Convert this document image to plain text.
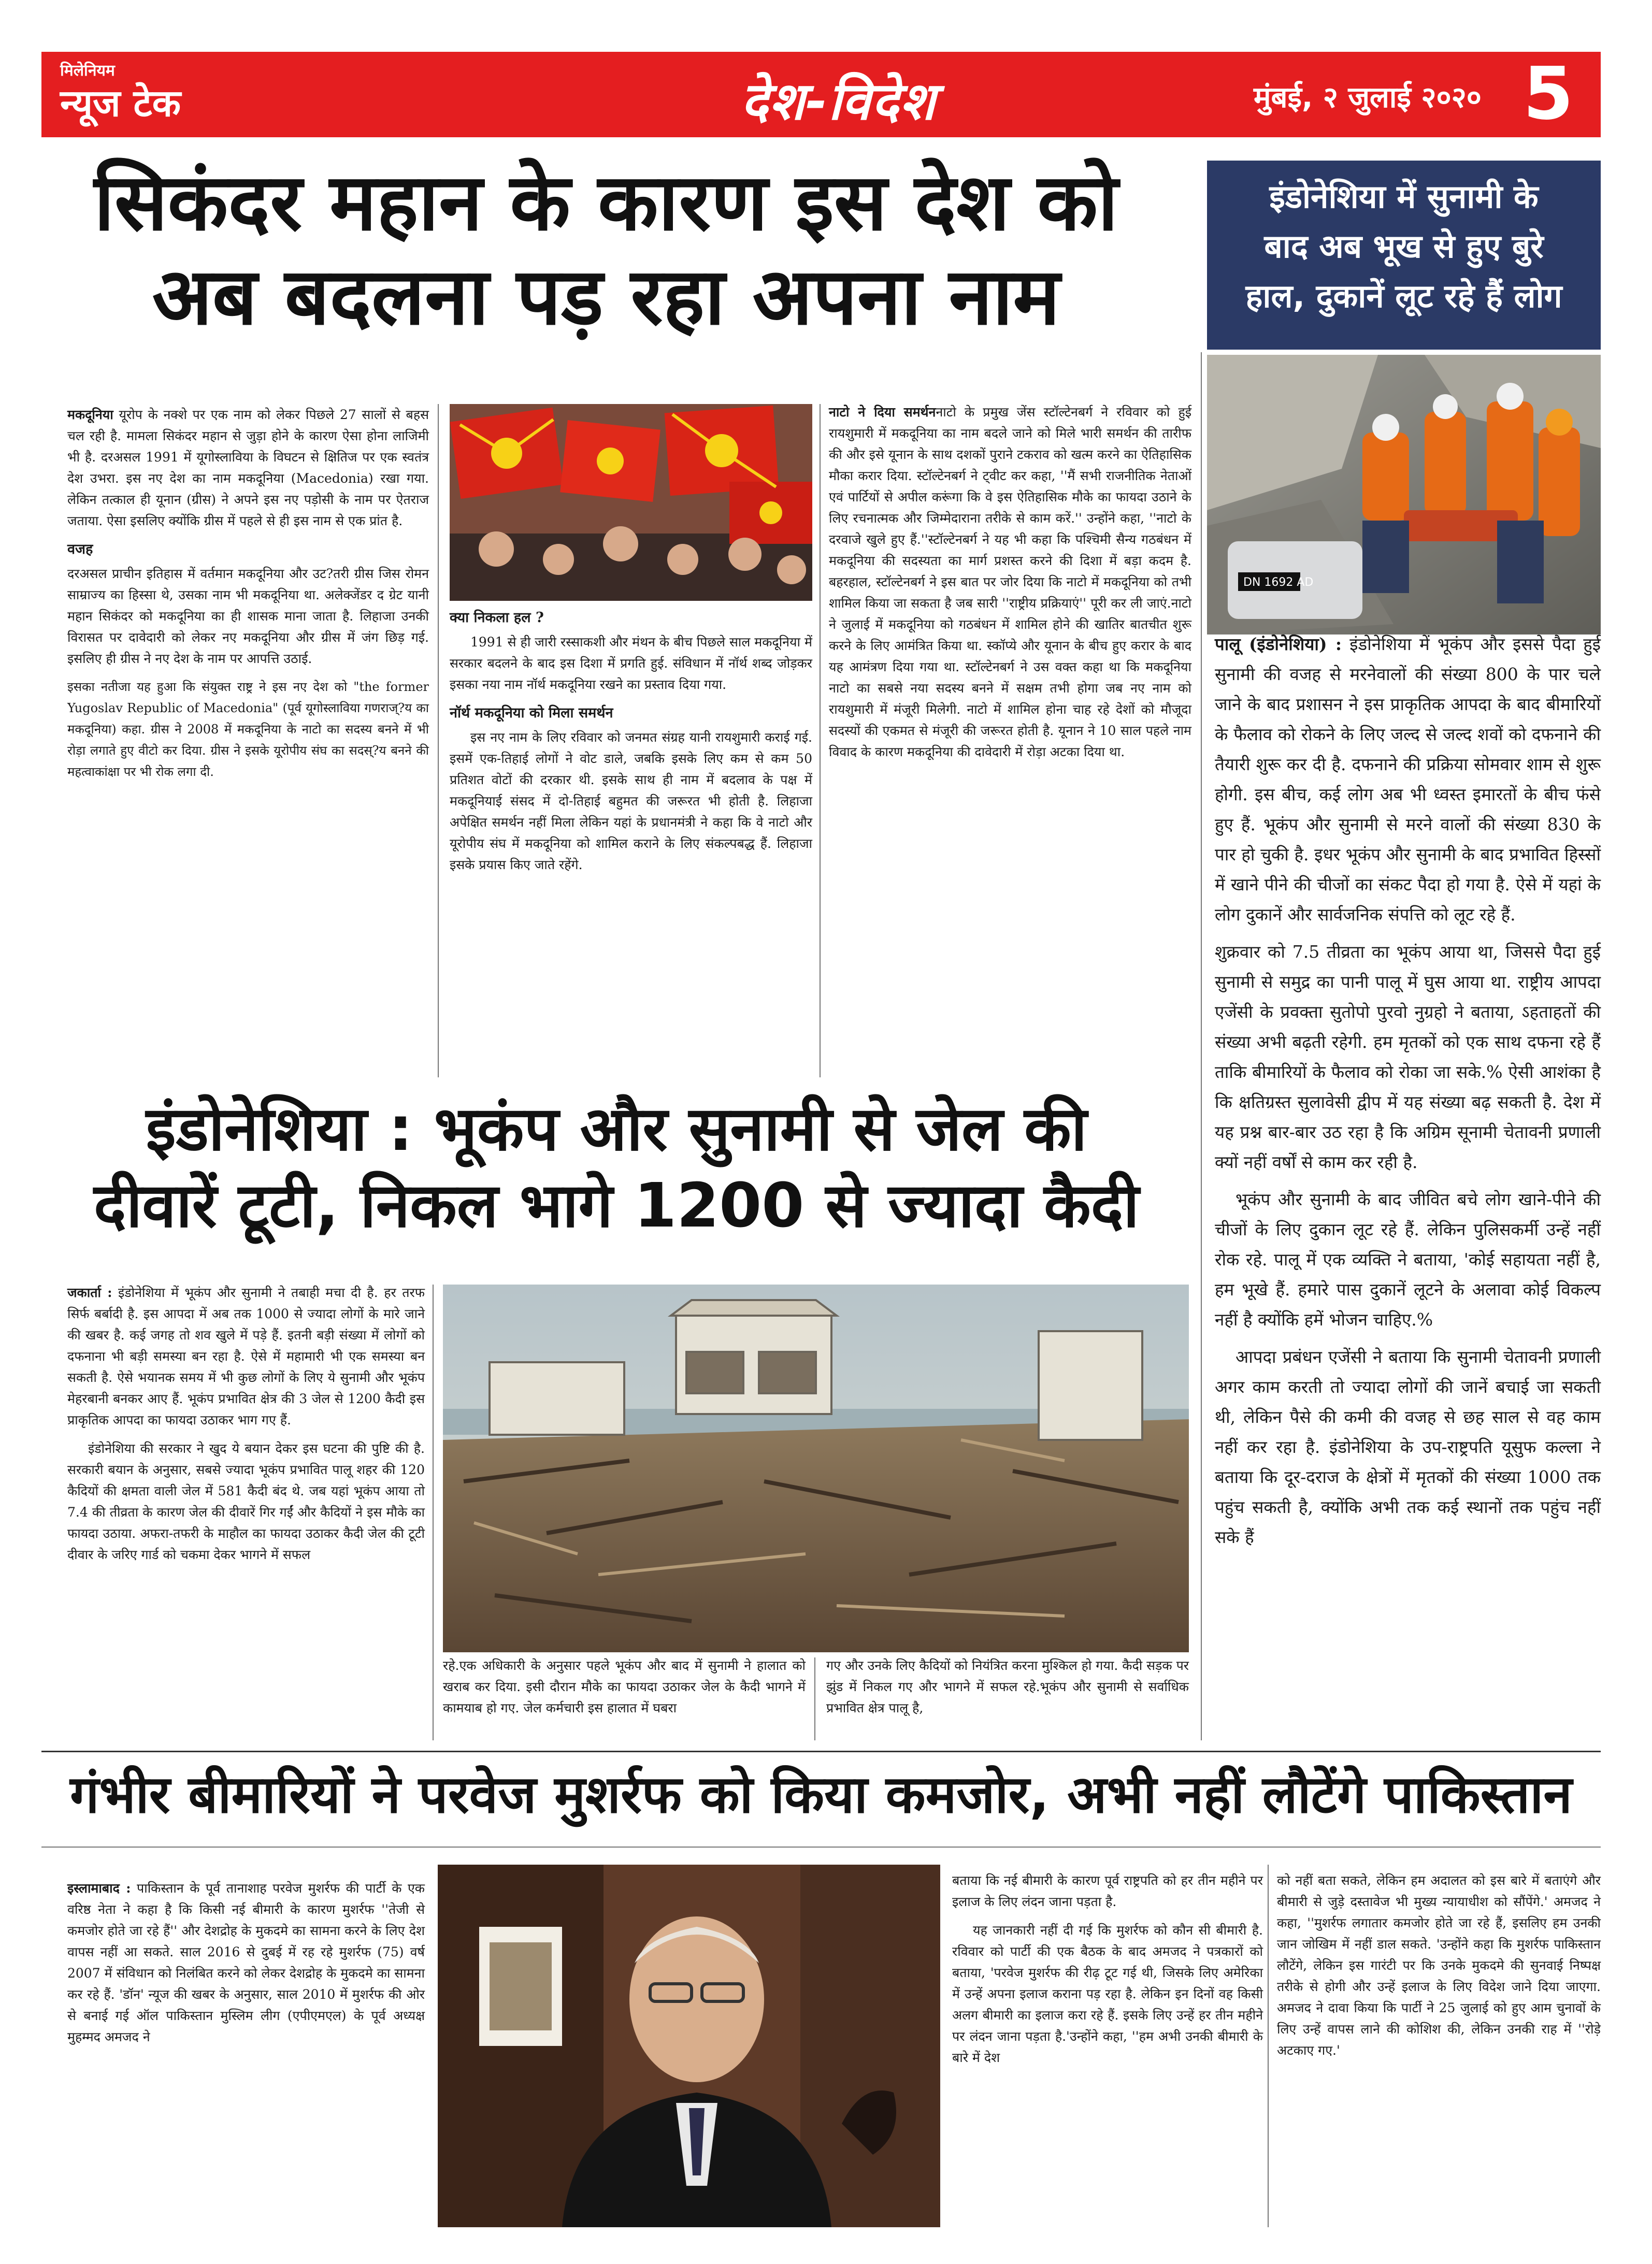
मिलेनियम
न्यूज टेक	देश-विदेश	मुंबई, २ जुलाई २०२० 5
सिकंदर महान के कारण इस देश को
अब बदलना पड़ रहा अपना नाम
इंडोनेशिया में सुनामी के
बाद अब भूख से हुए बुरे
हाल, दुकानें लूट रहे हैं लोग
DN 1692 AD

मकदूनिया यूरोप के नक्शे पर एक नाम को लेकर पिछले 27 सालों से बहस चल रही है. मामला सिकंदर महान से जुड़ा होने के कारण ऐसा होना लाजिमी भी है. दरअसल 1991 में यूगोस्लाविया के विघटन से क्षितिज पर एक स्वतंत्र देश उभरा. इस नए देश का नाम मकदूनिया (Macedonia) रखा गया. लेकिन तत्काल ही यूनान (ग्रीस) ने अपने इस नए पड़ोसी के नाम पर ऐतराज जताया. ऐसा इसलिए क्योंकि ग्रीस में पहले से ही इस नाम से एक प्रांत है.

वजह

दरअसल प्राचीन इतिहास में वर्तमान मकदूनिया और उट?तरी ग्रीस जिस रोमन साम्राज्य का हिस्सा थे, उसका नाम भी मकदूनिया था. अलेक्जेंडर द ग्रेट यानी महान सिकंदर को मकदूनिया का ही शासक माना जाता है. लिहाजा उनकी विरासत पर दावेदारी को लेकर नए मकदूनिया और ग्रीस में जंग छिड़ गई. इसलिए ही ग्रीस ने नए देश के नाम पर आपत्ति उठाई.

इसका नतीजा यह हुआ कि संयुक्त राष्ट्र ने इस नए देश को "the former Yugoslav Republic of Macedonia" (पूर्व यूगोस्लाविया गणराज्?य का मकदूनिया) कहा. ग्रीस ने 2008 में मकदूनिया के नाटो का सदस्य बनने में भी रोड़ा लगाते हुए वीटो कर दिया. ग्रीस ने इसके यूरोपीय संघ का सदस्?य बनने की महत्वाकांक्षा पर भी रोक लगा दी.

क्या निकला हल ?

1991 से ही जारी रस्साकशी और मंथन के बीच पिछले साल मकदूनिया में सरकार बदलने के बाद इस दिशा में प्रगति हुई. संविधान में नॉर्थ शब्द जोड़कर इसका नया नाम नॉर्थ मकदूनिया रखने का प्रस्ताव दिया गया.

नॉर्थ मकदूनिया को मिला समर्थन

इस नए नाम के लिए रविवार को जनमत संग्रह यानी रायशुमारी कराई गई. इसमें एक-तिहाई लोगों ने वोट डाले, जबकि इसके लिए कम से कम 50 प्रतिशत वोटों की दरकार थी. इसके साथ ही नाम में बदलाव के पक्ष में मकदूनियाई संसद में दो-तिहाई बहुमत की जरूरत भी होती है. लिहाजा अपेक्षित समर्थन नहीं मिला लेकिन यहां के प्रधानमंत्री ने कहा कि वे नाटो और यूरोपीय संघ में मकदूनिया को शामिल कराने के लिए संकल्पबद्ध हैं. लिहाजा इसके प्रयास किए जाते रहेंगे.

नाटो ने दिया समर्थननाटो के प्रमुख जेंस स्टॉल्टेनबर्ग ने रविवार को हुई रायशुमारी में मकदूनिया का नाम बदले जाने को मिले भारी समर्थन की तारीफ की और इसे यूनान के साथ दशकों पुराने टकराव को खत्म करने का ऐतिहासिक मौका करार दिया. स्टॉल्टेनबर्ग ने ट्वीट कर कहा, ''मैं सभी राजनीतिक नेताओं एवं पार्टियों से अपील करूंगा कि वे इस ऐतिहासिक मौके का फायदा उठाने के लिए रचनात्मक और जिम्मेदाराना तरीके से काम करें.'' उन्होंने कहा, ''नाटो के दरवाजे खुले हुए हैं.''स्टॉल्टेनबर्ग ने यह भी कहा कि पश्चिमी सैन्य गठबंधन में मकदूनिया की सदस्यता का मार्ग प्रशस्त करने की दिशा में बड़ा कदम है. बहरहाल, स्टॉल्टेनबर्ग ने इस बात पर जोर दिया कि नाटो में मकदूनिया को तभी शामिल किया जा सकता है जब सारी ''राष्ट्रीय प्रक्रियाएं'' पूरी कर ली जाएं.नाटो ने जुलाई में मकदूनिया को गठबंधन में शामिल होने की खातिर बातचीत शुरू करने के लिए आमंत्रित किया था. स्कॉप्ये और यूनान के बीच हुए करार के बाद यह आमंत्रण दिया गया था. स्टॉल्टेनबर्ग ने उस वक्त कहा था कि मकदूनिया नाटो का सबसे नया सदस्य बनने में सक्षम तभी होगा जब नए नाम को रायशुमारी में मंजूरी मिलेगी. नाटो में शामिल होना चाह रहे देशों को मौजूदा सदस्यों की एकमत से मंजूरी की जरूरत होती है. यूनान ने 10 साल पहले नाम विवाद के कारण मकदूनिया की दावेदारी में रोड़ा अटका दिया था.

पालू (इंडोनेशिया) : इंडोनेशिया में भूकंप और इससे पैदा हुई सुनामी की वजह से मरनेवालों की संख्या 800 के पार चले जाने के बाद प्रशासन ने इस प्राकृतिक आपदा के बाद बीमारियों के फैलाव को रोकने के लिए जल्द से जल्द शवों को दफनाने की तैयारी शुरू कर दी है. दफनाने की प्रक्रिया सोमवार शाम से शुरू होगी. इस बीच, कई लोग अब भी ध्वस्त इमारतों के बीच फंसे हुए हैं. भूकंप और सुनामी से मरने वालों की संख्या 830 के पार हो चुकी है. इधर भूकंप और सुनामी के बाद प्रभावित हिस्सों में खाने पीने की चीजों का संकट पैदा हो गया है. ऐसे में यहां के लोग दुकानें और सार्वजनिक संपत्ति को लूट रहे हैं.

शुक्रवार को 7.5 तीव्रता का भूकंप आया था, जिससे पैदा हुई सुनामी से समुद्र का पानी पालू में घुस आया था. राष्ट्रीय आपदा एजेंसी के प्रवक्ता सुतोपो पुरवो नुग्रहो ने बताया, ऽहताहतों की संख्या अभी बढ़ती रहेगी. हम मृतकों को एक साथ दफना रहे हैं ताकि बीमारियों के फैलाव को रोका जा सके.% ऐसी आशंका है कि क्षतिग्रस्त सुलावेसी द्वीप में यह संख्या बढ़ सकती है. देश में यह प्रश्न बार-बार उठ रहा है कि अग्रिम सूनामी चेतावनी प्रणाली क्यों नहीं वर्षों से काम कर रही है.

भूकंप और सुनामी के बाद जीवित बचे लोग खाने-पीने की चीजों के लिए दुकान लूट रहे हैं. लेकिन पुलिसकर्मी उन्हें नहीं रोक रहे. पालू में एक व्यक्ति ने बताया, 'कोई सहायता नहीं है, हम भूखे हैं. हमारे पास दुकानें लूटने के अलावा कोई विकल्प नहीं है क्योंकि हमें भोजन चाहिए.%

आपदा प्रबंधन एजेंसी ने बताया कि सुनामी चेतावनी प्रणाली अगर काम करती तो ज्यादा लोगों की जानें बचाई जा सकती थी, लेकिन पैसे की कमी की वजह से छह साल से वह काम नहीं कर रहा है. इंडोनेशिया के उप-राष्ट्रपति यूसुफ कल्ला ने बताया कि दूर-दराज के क्षेत्रों में मृतकों की संख्या 1000 तक पहुंच सकती है, क्योंकि अभी तक कई स्थानों तक पहुंच नहीं सके हैं

इंडोनेशिया : भूकंप और सुनामी से जेल की
दीवारें टूटी, निकल भागे 1200 से ज्यादा कैदी

जकार्ता : इंडोनेशिया में भूकंप और सुनामी ने तबाही मचा दी है. हर तरफ सिर्फ बर्बादी है. इस आपदा में अब तक 1000 से ज्यादा लोगों के मारे जाने की खबर है. कई जगह तो शव खुले में पड़े हैं. इतनी बड़ी संख्या में लोगों को दफनाना भी बड़ी समस्या बन रहा है. ऐसे में महामारी भी एक समस्या बन सकती है. ऐसे भयानक समय में भी कुछ लोगों के लिए ये सुनामी और भूकंप मेहरबानी बनकर आए हैं. भूकंप प्रभावित क्षेत्र की 3 जेल से 1200 कैदी इस प्राकृतिक आपदा का फायदा उठाकर भाग गए हैं.

इंडोनेशिया की सरकार ने खुद ये बयान देकर इस घटना की पुष्टि की है. सरकारी बयान के अनुसार, सबसे ज्यादा भूकंप प्रभावित पालू शहर की 120 कैदियों की क्षमता वाली जेल में 581 कैदी बंद थे. जब यहां भूकंप आया तो 7.4 की तीव्रता के कारण जेल की दीवारें गिर गईं और कैदियों ने इस मौके का फायदा उठाया. अफरा-तफरी के माहौल का फायदा उठाकर कैदी जेल की टूटी दीवार के जरिए गार्ड को चकमा देकर भागने में सफल

रहे.एक अधिकारी के अनुसार पहले भूकंप और बाद में सुनामी ने हालात को खराब कर दिया. इसी दौरान मौके का फायदा उठाकर जेल के कैदी भागने में कामयाब हो गए. जेल कर्मचारी इस हालात में घबरा

गए और उनके लिए कैदियों को नियंत्रित करना मुश्किल हो गया. कैदी सड़क पर झुंड में निकल गए और भागने में सफल रहे.भूकंप और सुनामी से सर्वाधिक प्रभावित क्षेत्र पालू है,

गंभीर बीमारियों ने परवेज मुशर्रफ को किया कमजोर, अभी नहीं लौटेंगे पाकिस्तान

इस्लामाबाद : पाकिस्तान के पूर्व तानाशाह परवेज मुशर्रफ की पार्टी के एक वरिष्ठ नेता ने कहा है कि किसी नई बीमारी के कारण मुशर्रफ ''तेजी से कमजोर होते जा रहे हैं'' और देशद्रोह के मुकदमे का सामना करने के लिए देश वापस नहीं आ सकते. साल 2016 से दुबई में रह रहे मुशर्रफ (75) वर्ष 2007 में संविधान को निलंबित करने को लेकर देशद्रोह के मुकदमे का सामना कर रहे हैं. 'डॉन' न्यूज की खबर के अनुसार, साल 2010 में मुशर्रफ की ओर से बनाई गई ऑल पाकिस्तान मुस्लिम लीग (एपीएमएल) के पूर्व अध्यक्ष मुहम्मद अमजद ने

बताया कि नई बीमारी के कारण पूर्व राष्ट्रपति को हर तीन महीने पर इलाज के लिए लंदन जाना पड़ता है.

यह जानकारी नहीं दी गई कि मुशर्रफ को कौन सी बीमारी है. रविवार को पार्टी की एक बैठक के बाद अमजद ने पत्रकारों को बताया, 'परवेज मुशर्रफ की रीढ़ टूट गई थी, जिसके लिए अमेरिका में उन्हें अपना इलाज कराना पड़ रहा है. लेकिन इन दिनों वह किसी अलग बीमारी का इलाज करा रहे हैं. इसके लिए उन्हें हर तीन महीने पर लंदन जाना पड़ता है.'उन्होंने कहा, ''हम अभी उनकी बीमारी के बारे में देश

को नहीं बता सकते, लेकिन हम अदालत को इस बारे में बताएंगे और बीमारी से जुड़े दस्तावेज भी मुख्य न्यायाधीश को सौंपेंगे.' अमजद ने कहा, ''मुशर्रफ लगातार कमजोर होते जा रहे हैं, इसलिए हम उनकी जान जोखिम में नहीं डाल सकते. 'उन्होंने कहा कि मुशर्रफ पाकिस्तान लौटेंगे, लेकिन इस गारंटी पर कि उनके मुकदमे की सुनवाई निष्पक्ष तरीके से होगी और उन्हें इलाज के लिए विदेश जाने दिया जाएगा. अमजद ने दावा किया कि पार्टी ने 25 जुलाई को हुए आम चुनावों के लिए उन्हें वापस लाने की कोशिश की, लेकिन उनकी राह में ''रोड़े अटकाए गए.'
